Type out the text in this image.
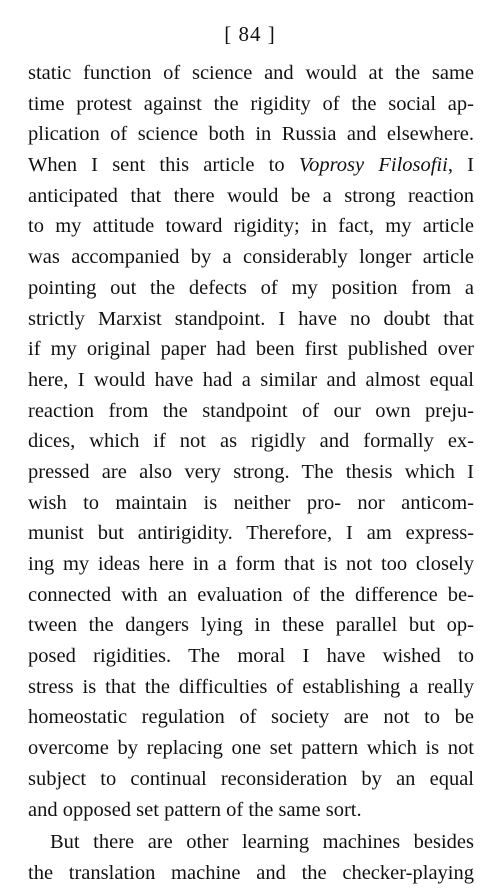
[ 84 ]
static function of science and would at the same
time protest against the rigidity of the social ap-
plication of science both in Russia and elsewhere.
When I sent this article to Voprosy Filosofii, I
anticipated that there would be a strong reaction
to my attitude toward rigidity; in fact, my article
was accompanied by a considerably longer article
pointing out the defects of my position from a
strictly Marxist standpoint. I have no doubt that
if my original paper had been first published over
here, I would have had a similar and almost equal
reaction from the standpoint of our own preju-
dices, which if not as rigidly and formally ex-
pressed are also very strong. The thesis which I
wish to maintain is neither pro- nor anticom-
munist but antirigidity. Therefore, I am express-
ing my ideas here in a form that is not too closely
connected with an evaluation of the difference be-
tween the dangers lying in these parallel but op-
posed rigidities. The moral I have wished to
stress is that the difficulties of establishing a really
homeostatic regulation of society are not to be
overcome by replacing one set pattern which is not
subject to continual reconsideration by an equal
and opposed set pattern of the same sort.
But there are other learning machines besides
the translation machine and the checker-playing
